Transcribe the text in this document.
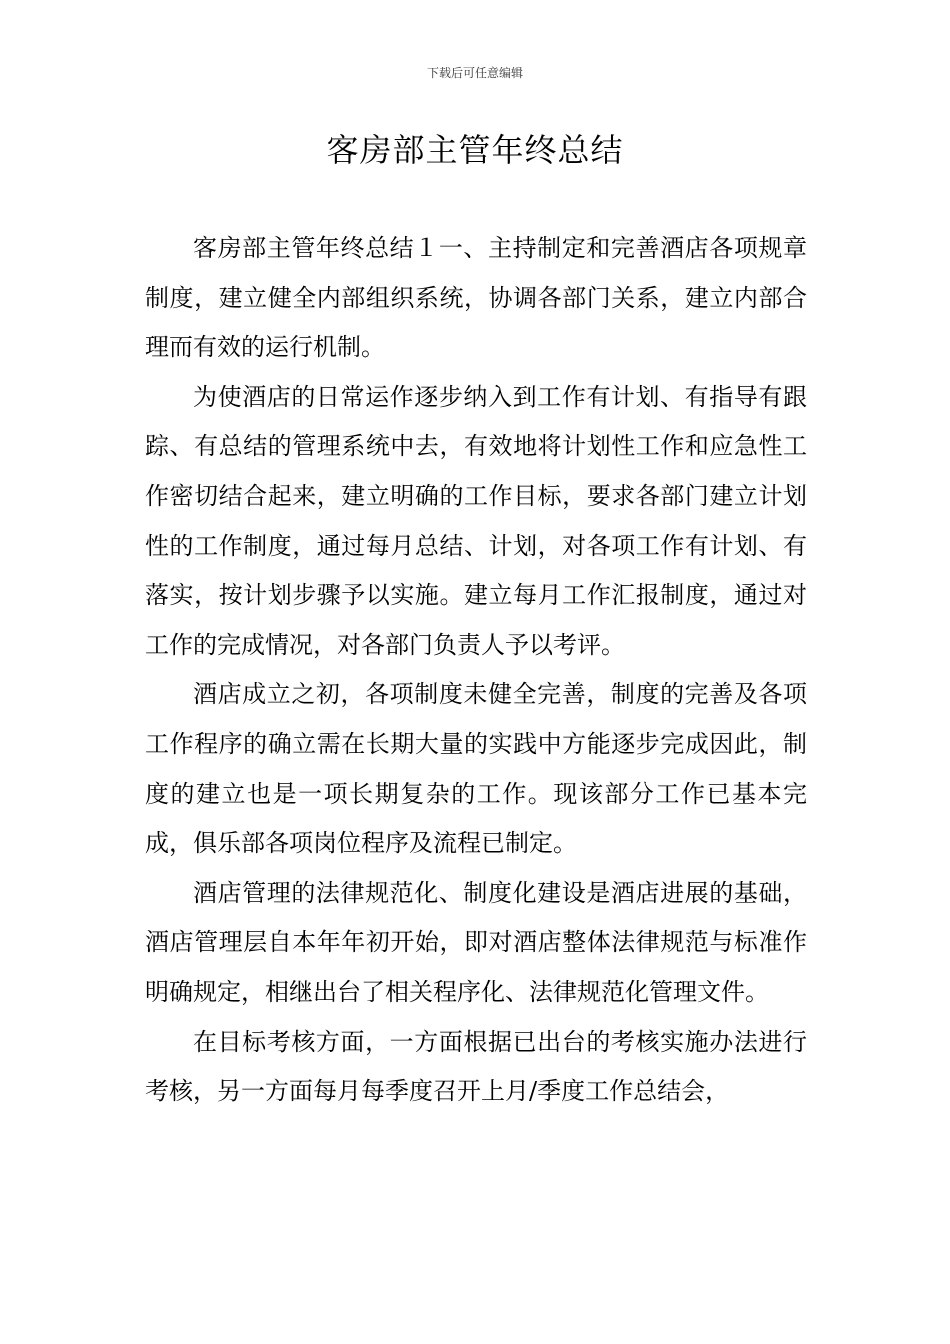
下载后可任意编辑
客房部主管年终总结

客房部主管年终总结１一、主持制定和完善酒店各项规章制度，建立健全内部组织系统，协调各部门关系，建立内部合理而有效的运行机制。

为使酒店的日常运作逐步纳入到工作有计划、有指导有跟踪、有总结的管理系统中去，有效地将计划性工作和应急性工作密切结合起来，建立明确的工作目标，要求各部门建立计划性的工作制度，通过每月总结、计划，对各项工作有计划、有落实，按计划步骤予以实施。建立每月工作汇报制度，通过对工作的完成情况，对各部门负责人予以考评。

酒店成立之初，各项制度未健全完善，制度的完善及各项工作程序的确立需在长期大量的实践中方能逐步完成因此，制度的建立也是一项长期复杂的工作。现该部分工作已基本完成，俱乐部各项岗位程序及流程已制定。

酒店管理的法律规范化、制度化建设是酒店进展的基础，酒店管理层自本年年初开始，即对酒店整体法律规范与标准作明确规定，相继出台了相关程序化、法律规范化管理文件。

在目标考核方面，一方面根据已出台的考核实施办法进行考核，另一方面每月每季度召开上月/季度工作总结会，
